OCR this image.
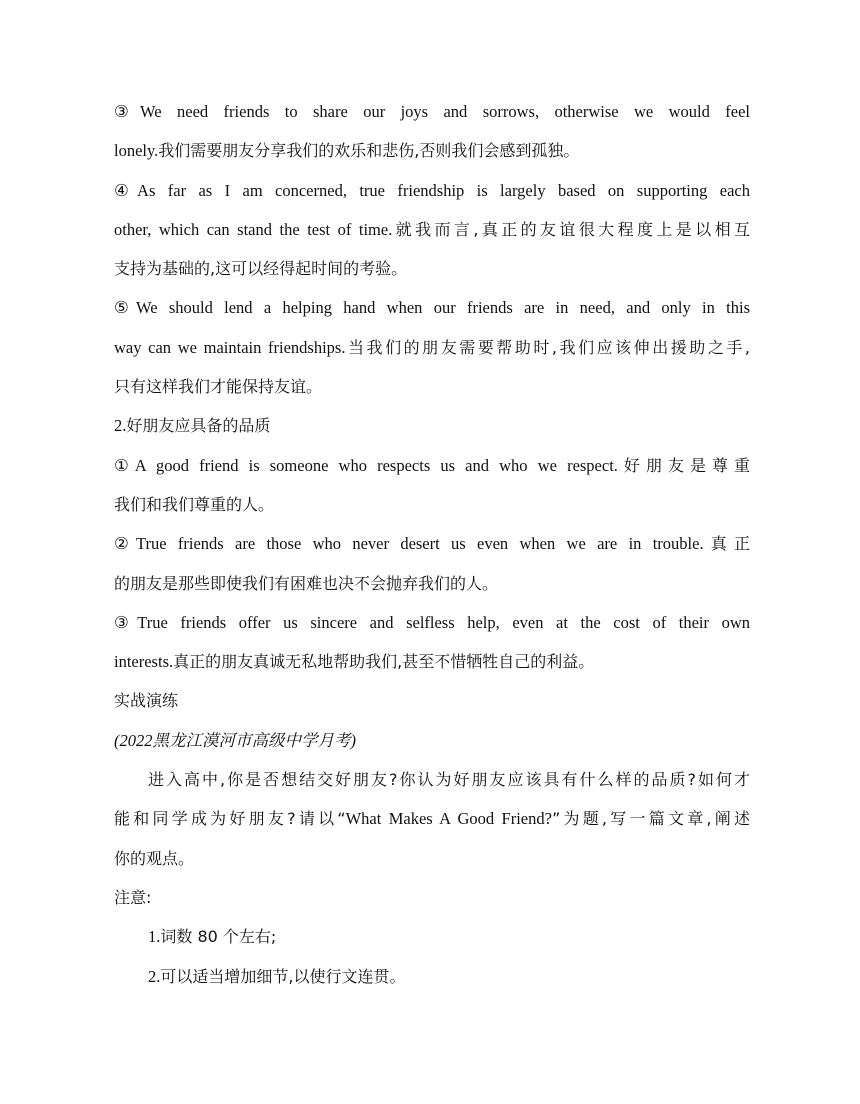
③We need friends to share our joys and sorrows, otherwise we would feel
lonely.我们需要朋友分享我们的欢乐和悲伤,否则我们会感到孤独。
④As far as I am concerned, true friendship is largely based on supporting each
other, which can stand the test of time.就我而言,真正的友谊很大程度上是以相互
支持为基础的,这可以经得起时间的考验。
⑤We should lend a helping hand when our friends are in need, and only in this
way can we maintain friendships.当我们的朋友需要帮助时,我们应该伸出援助之手,
只有这样我们才能保持友谊。
2.好朋友应具备的品质
①A good friend is someone who respects us and who we respect.好朋友是尊重
我们和我们尊重的人。
②True friends are those who never desert us even when we are in trouble.真正
的朋友是那些即使我们有困难也决不会抛弃我们的人。
③True friends offer us sincere and selfless help, even at the cost of their own
interests.真正的朋友真诚无私地帮助我们,甚至不惜牺牲自己的利益。
实战演练
(2022黑龙江漠河市高级中学月考)
进入高中,你是否想结交好朋友?你认为好朋友应该具有什么样的品质?如何才
能和同学成为好朋友?请以“What Makes A Good Friend?”为题,写一篇文章,阐述
你的观点。
注意:
1.词数 80 个左右;
2.可以适当增加细节,以使行文连贯。
